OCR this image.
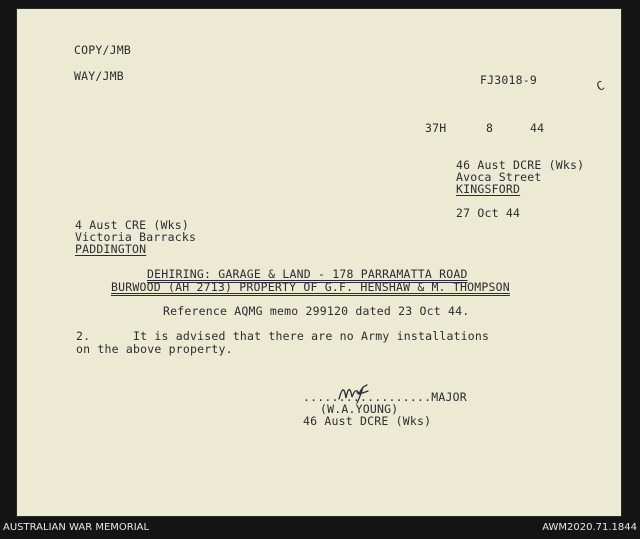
COPY/JMB
WAY/JMB	FJ3018-9	C
37H	8	44
46 Aust DCRE (Wks)
Avoca Street
KINGSFORD
27 Oct 44
4 Aust CRE (Wks)
Victoria Barracks
PADDINGTON
DEHIRING: GARAGE & LAND - 178 PARRAMATTA ROAD
BURWOOD (AH 2713) PROPERTY OF G.F. HENSHAW & M. THOMPSON
Reference AQMG memo 299120 dated 23 Oct 44.
2.	It is advised that there are no Army installations
on the above property.
..................MAJOR
(W.A.YOUNG)
46 Aust DCRE (Wks)
AUSTRALIAN WAR MEMORIAL	AWM2020.71.1844
